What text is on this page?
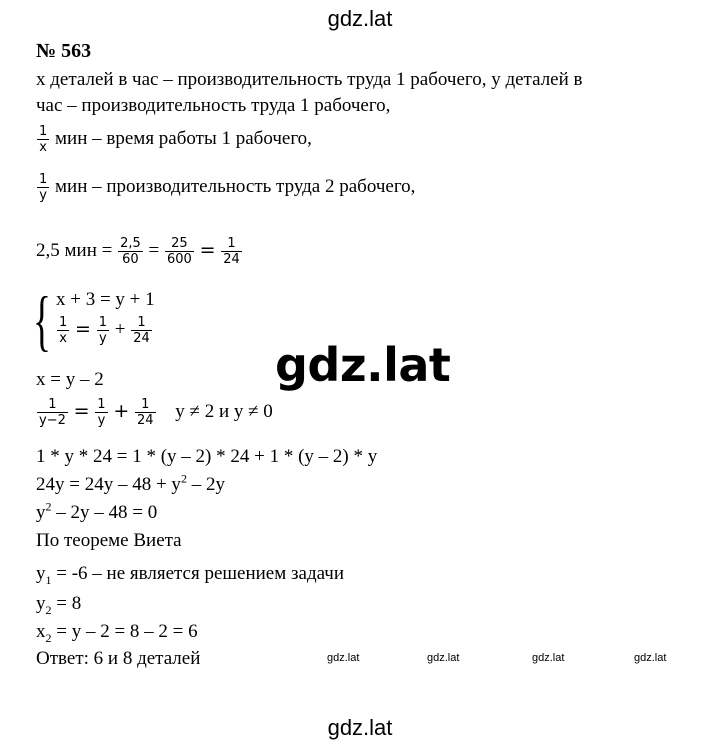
gdz.lat
№ 563
х деталей в час – производительность труда 1 рабочего, у деталей в
час – производительность труда 1 рабочего,
$\frac{1}{x}$ мин – время работы 1 рабочего,
$\frac{1}{y}$ мин – производительность труда 2 рабочего,
2,5 мин = $\frac{2,5}{60} = \frac{25}{600} = \frac{1}{24}$
{ x + 3 = y + 1
$\frac{1}{x} = \frac{1}{y} + \frac{1}{24}$
gdz.lat
x = y – 2
$\frac{1}{y-2} = \frac{1}{y} + \frac{1}{24}$ y ≠ 2 и y ≠ 0
1 * y * 24 = 1 * (y – 2) * 24 + 1 * (y – 2) * y
$24y = 24y - 48 + y^2 - 2y$
$y^2 - 2y - 48 = 0$
По теореме Виета
$y_1 = -6$ – не является решением задачи
$y_2 = 8$
$x_2 = y - 2 = 8 - 2 = 6$
Ответ: 6 и 8 деталей	gdz.lat	gdz.lat	gdz.lat	gdz.lat
gdz.lat
